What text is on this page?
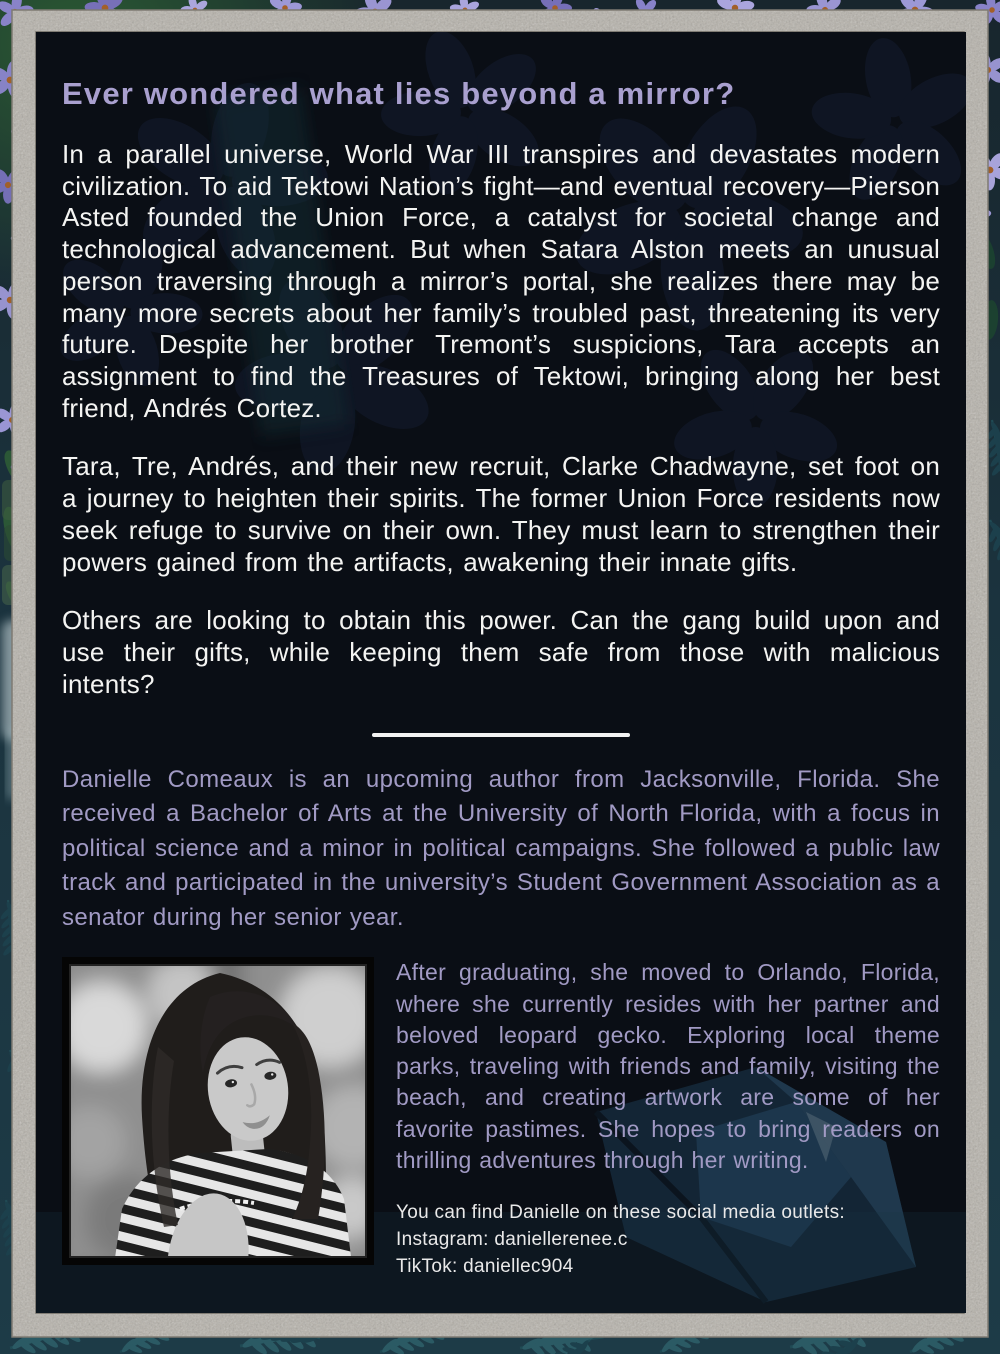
Ever wondered what lies beyond a mirror?

In a parallel universe, World War III transpires and devastates modern civilization. To aid Tektowi Nation’s fight—and eventual recovery—Pierson Asted founded the Union Force, a catalyst for societal change and technological advancement. But when Satara Alston meets an unusual person traversing through a mirror’s portal, she realizes there may be many more secrets about her family’s troubled past, threatening its very future. Despite her brother Tremont’s suspicions, Tara accepts an assignment to find the Treasures of Tektowi, bringing along her best friend, Andrés Cortez.

Tara, Tre, Andrés, and their new recruit, Clarke Chadwayne, set foot on a journey to heighten their spirits. The former Union Force residents now seek refuge to survive on their own. They must learn to strengthen their powers gained from the artifacts, awakening their innate gifts.

Others are looking to obtain this power. Can the gang build upon and use their gifts, while keeping them safe from those with malicious intents?

Danielle Comeaux is an upcoming author from Jacksonville, Florida. She received a Bachelor of Arts at the University of North Florida, with a focus in political science and a minor in political campaigns. She followed a public law track and participated in the university’s Student Government Association as a senator during her senior year.

After graduating, she moved to Orlando, Florida, where she currently resides with her partner and beloved leopard gecko. Exploring local theme parks, traveling with friends and family, visiting the beach, and creating artwork are some of her favorite pastimes. She hopes to bring readers on thrilling adventures through her writing.

You can find Danielle on these social media outlets:

Instagram: daniellerenee.c

TikTok: daniellec904
